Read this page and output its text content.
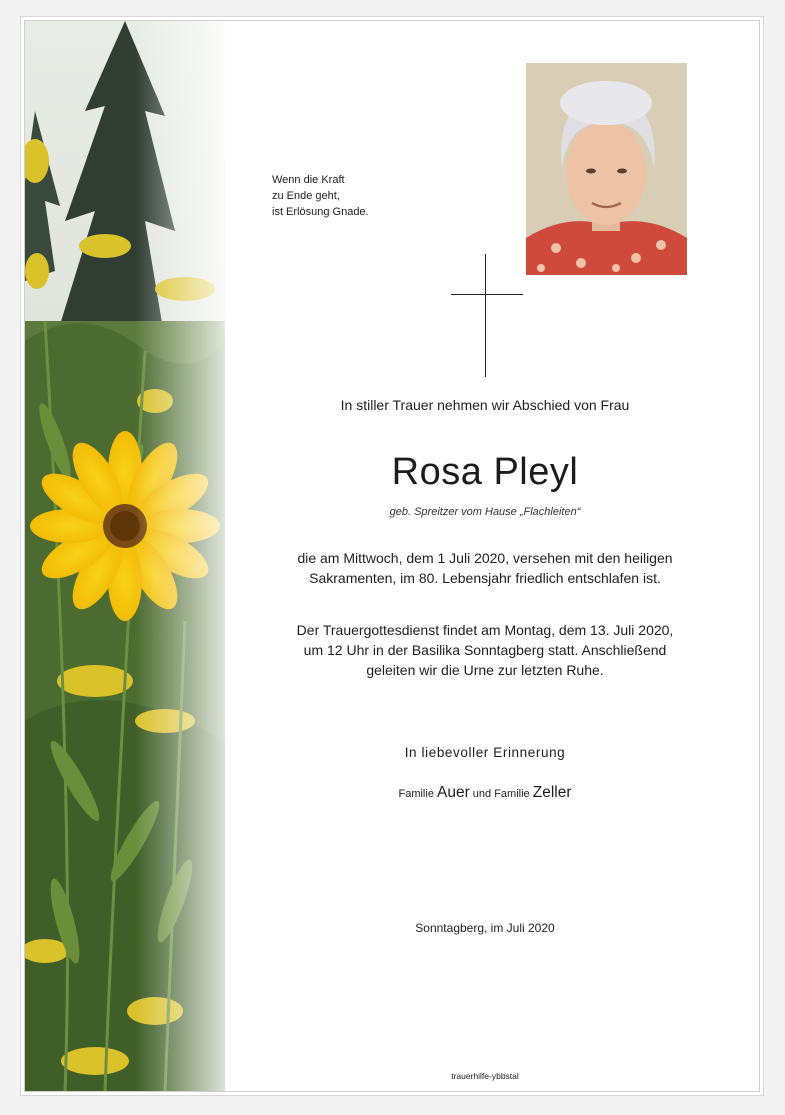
Wenn die Kraft
zu Ende geht,
ist Erlösung Gnade.
In stiller Trauer nehmen wir Abschied von Frau
Rosa Pleyl
geb. Spreitzer vom Hause „Flachleiten“
die am Mittwoch, dem 1 Juli 2020, versehen mit den heiligen
Sakramenten, im 80. Lebensjahr friedlich entschlafen ist.
Der Trauergottesdienst findet am Montag, dem 13. Juli 2020,
um 12 Uhr in der Basilika Sonntagberg statt. Anschließend
geleiten wir die Urne zur letzten Ruhe.
In liebevoller Erinnerung
Familie Auer und Familie Zeller
Sonntagberg, im Juli 2020
trauerhilfe-ybbstal
